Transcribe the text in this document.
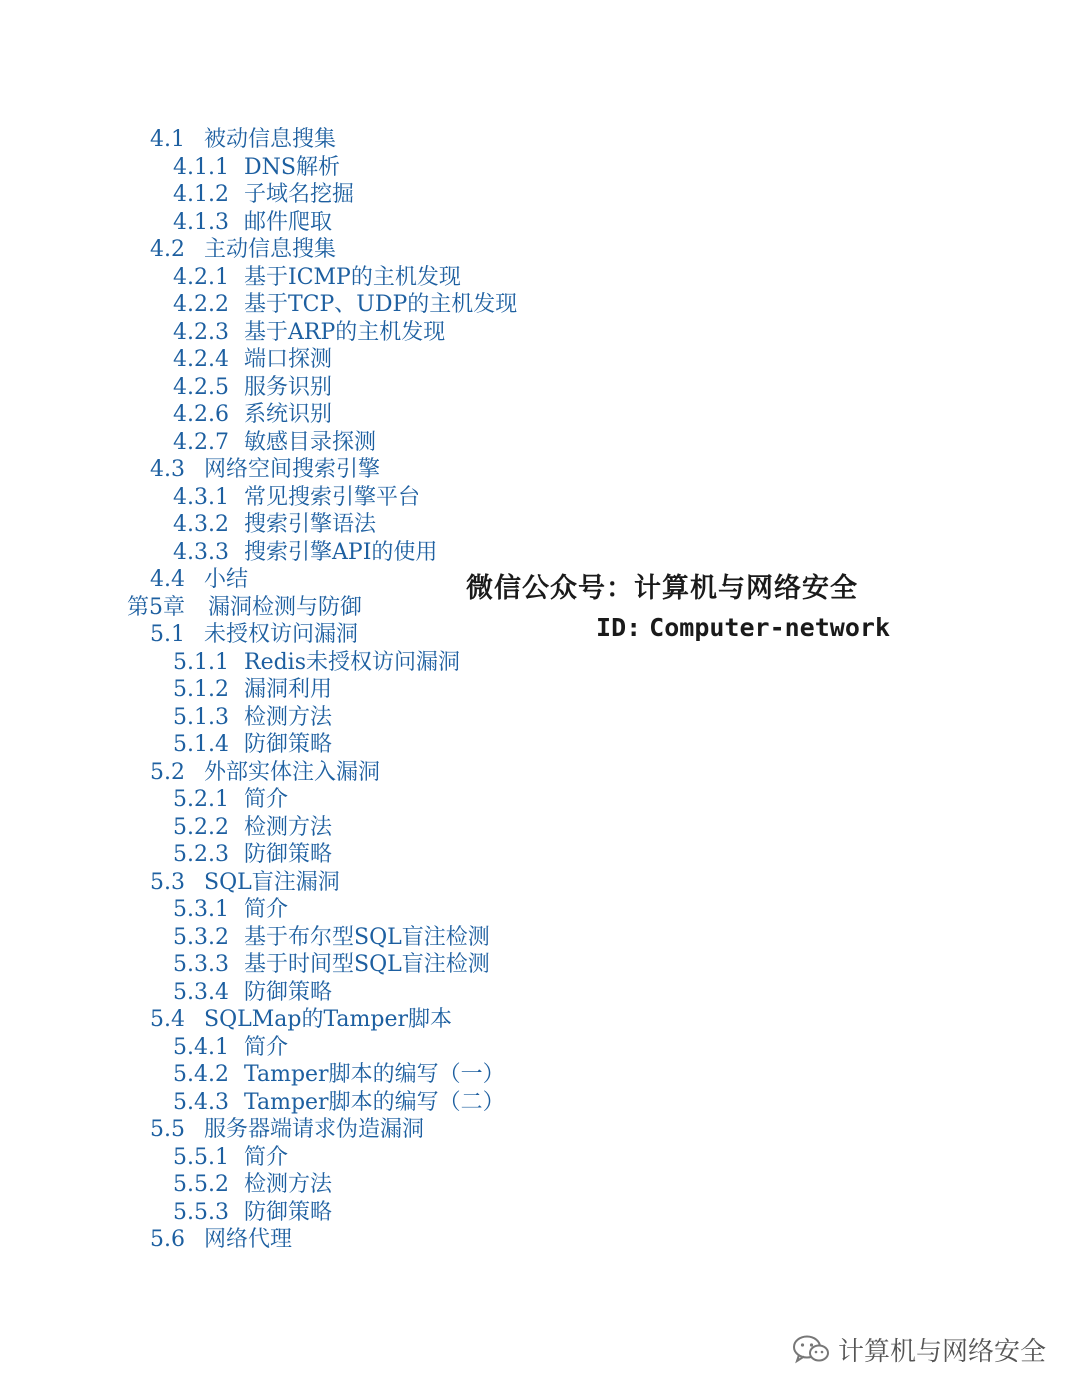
4.1 被动信息搜集
4.1.1 DNS解析
4.1.2 子域名挖掘
4.1.3 邮件爬取
4.2 主动信息搜集
4.2.1 基于ICMP的主机发现
4.2.2 基于TCP、UDP的主机发现
4.2.3 基于ARP的主机发现
4.2.4 端口探测
4.2.5 服务识别
4.2.6 系统识别
4.2.7 敏感目录探测
4.3 网络空间搜索引擎
4.3.1 常见搜索引擎平台
4.3.2 搜索引擎语法
4.3.3 搜索引擎API的使用
4.4 小结
第5章 漏洞检测与防御
5.1 未授权访问漏洞
5.1.1 Redis未授权访问漏洞
5.1.2 漏洞利用
5.1.3 检测方法
5.1.4 防御策略
5.2 外部实体注入漏洞
5.2.1 简介
5.2.2 检测方法
5.2.3 防御策略
5.3 SQL盲注漏洞
5.3.1 简介
5.3.2 基于布尔型SQL盲注检测
5.3.3 基于时间型SQL盲注检测
5.3.4 防御策略
5.4 SQLMap的Tamper脚本
5.4.1 简介
5.4.2 Tamper脚本的编写（一）
5.4.3 Tamper脚本的编写（二）
5.5 服务器端请求伪造漏洞
5.5.1 简介
5.5.2 检测方法
5.5.3 防御策略
5.6 网络代理
微信公众号：计算机与网络安全
ID: Computer-network
计算机与网络安全
